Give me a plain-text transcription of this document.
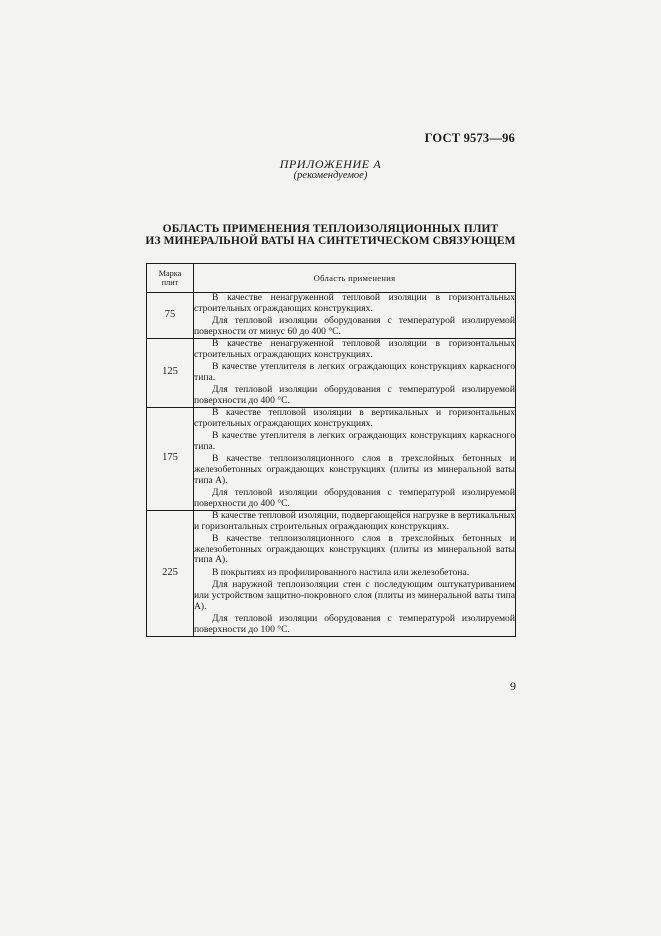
ГОСТ 9573—96
ПРИЛОЖЕНИЕ А
(рекомендуемое)
ОБЛАСТЬ ПРИМЕНЕНИЯ ТЕПЛОИЗОЛЯЦИОННЫХ ПЛИТ
ИЗ МИНЕРАЛЬНОЙ ВАТЫ НА СИНТЕТИЧЕСКОМ СВЯЗУЮЩЕМ
Марка
плит	Область применения
75	В качестве ненагруженной тепловой изоляции в горизонтальных строительных ограждающих конструкциях.

Для тепловой изоляции оборудования с температурой изолируемой поверхности от минус 60 до 400 °С.

125	В качестве ненагруженной тепловой изоляции в горизонтальных строительных ограждающих конструкциях.

В качестве утеплителя в легких ограждающих конструкциях каркасного типа.

Для тепловой изоляции оборудования с температурой изолируемой поверхности до 400 °С.

175	В качестве тепловой изоляции в вертикальных и горизонтальных строительных ограждающих конструкциях.

В качестве утеплителя в легких ограждающих конструкциях каркасного типа.

В качестве теплоизоляционного слоя в трехслойных бетонных и железобетонных ограждающих конструкциях (плиты из минеральной ваты типа А).

Для тепловой изоляции оборудования с температурой изолируемой поверхности до 400 °С.

225	В качестве тепловой изоляции, подвергающейся нагрузке в вертикальных и горизонтальных строительных ограждающих конструкциях.

В качестве теплоизоляционного слоя в трехслойных бетонных и железобетонных ограждающих конструкциях (плиты из минеральной ваты типа А).

В покрытиях из профилированного настила или железобетона.

Для наружной теплоизоляции стен с последующим оштукатуриванием или устройством защитно-покровного слоя (плиты из минеральной ваты типа А).

Для тепловой изоляции оборудования с температурой изолируемой поверхности до 100 °С.

9
